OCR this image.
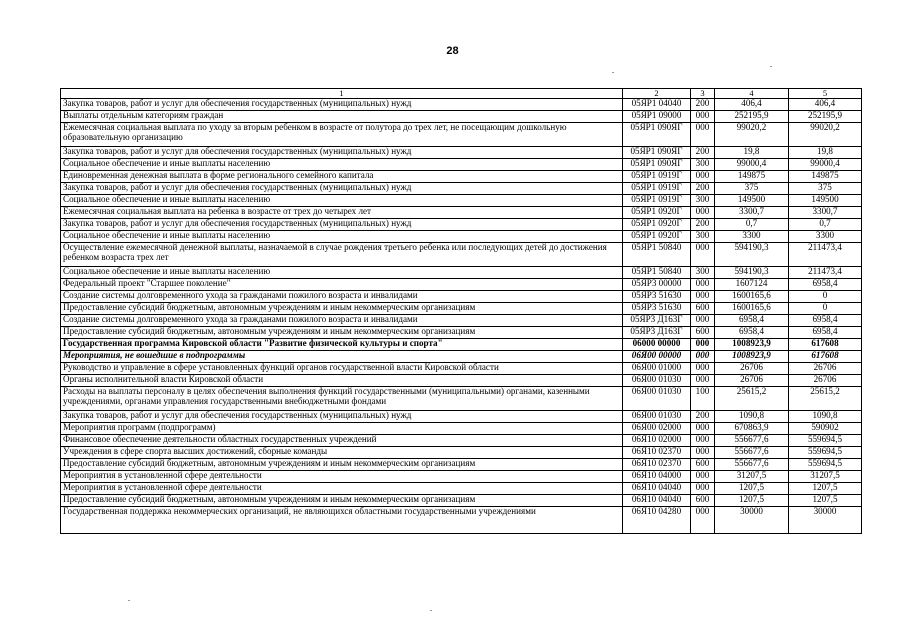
28
1	2	3	4	5
Закупка товаров, работ и услуг для обеспечения государственных (муниципальных) нужд	05ЯР1 04040	200	406,4	406,4
Выплаты отдельным категориям граждан	05ЯР1 09000	000	252195,9	252195,9
Ежемесячная социальная выплата по уходу за вторым ребенком в возрасте от полутора до трех лет, не посещающим дошкольную образовательную организацию	05ЯР1 090ЯГ	000	99020,2	99020,2
Закупка товаров, работ и услуг для обеспечения государственных (муниципальных) нужд	05ЯР1 090ЯГ	200	19,8	19,8
Социальное обеспечение и иные выплаты населению	05ЯР1 090ЯГ	300	99000,4	99000,4
Единовременная денежная выплата в форме регионального семейного капитала	05ЯР1 0919Г	000	149875	149875
Закупка товаров, работ и услуг для обеспечения государственных (муниципальных) нужд	05ЯР1 0919Г	200	375	375
Социальное обеспечение и иные выплаты населению	05ЯР1 0919Г	300	149500	149500
Ежемесячная социальная выплата на ребенка в возрасте от трех до четырех лет	05ЯР1 0920Г	000	3300,7	3300,7
Закупка товаров, работ и услуг для обеспечения государственных (муниципальных) нужд	05ЯР1 0920Г	200	0,7	0,7
Социальное обеспечение и иные выплаты населению	05ЯР1 0920Г	300	3300	3300
Осуществление ежемесячной денежной выплаты, назначаемой в случае рождения третьего ребенка или последующих детей до достижения ребенком возраста трех лет	05ЯР1 50840	000	594190,3	211473,4
Социальное обеспечение и иные выплаты населению	05ЯР1 50840	300	594190,3	211473,4
Федеральный проект "Старшее поколение"	05ЯР3 00000	000	1607124	6958,4
Создание системы долговременного ухода за гражданами пожилого возраста и инвалидами	05ЯР3 51630	000	1600165,6	0
Предоставление субсидий бюджетным, автономным учреждениям и иным некоммерческим организациям	05ЯР3 51630	600	1600165,6	0
Создание системы долговременного ухода за гражданами пожилого возраста и инвалидами	05ЯР3 Д163Г	000	6958,4	6958,4
Предоставление субсидий бюджетным, автономным учреждениям и иным некоммерческим организациям	05ЯР3 Д163Г	600	6958,4	6958,4
Государственная программа Кировской области "Развитие физической культуры и спорта"	06000 00000	000	1008923,9	617608
Мероприятия, не вошедшие в подпрограммы	06Я00 00000	000	1008923,9	617608
Руководство и управление в сфере установленных функций органов государственной власти Кировской области	06Я00 01000	000	26706	26706
Органы исполнительной власти Кировской области	06Я00 01030	000	26706	26706
Расходы на выплаты персоналу в целях обеспечения выполнения функций государственными (муниципальными) органами, казенными учреждениями, органами управления государственными внебюджетными фондами	06Я00 01030	100	25615,2	25615,2
Закупка товаров, работ и услуг для обеспечения государственных (муниципальных) нужд	06Я00 01030	200	1090,8	1090,8
Мероприятия программ (подпрограмм)	06Я00 02000	000	670863,9	590902
Финансовое обеспечение деятельности областных государственных учреждений	06Я10 02000	000	556677,6	559694,5
Учреждения в сфере спорта высших достижений, сборные команды	06Я10 02370	000	556677,6	559694,5
Предоставление субсидий бюджетным, автономным учреждениям и иным некоммерческим организациям	06Я10 02370	600	556677,6	559694,5
Мероприятия в установленной сфере деятельности	06Я10 04000	000	31207,5	31207,5
Мероприятия в установленной сфере деятельности	06Я10 04040	000	1207,5	1207,5
Предоставление субсидий бюджетным, автономным учреждениям и иным некоммерческим организациям	06Я10 04040	600	1207,5	1207,5
Государственная поддержка некоммерческих организаций, не являющихся областными государственными учреждениями	06Я10 04280	000	30000	30000
